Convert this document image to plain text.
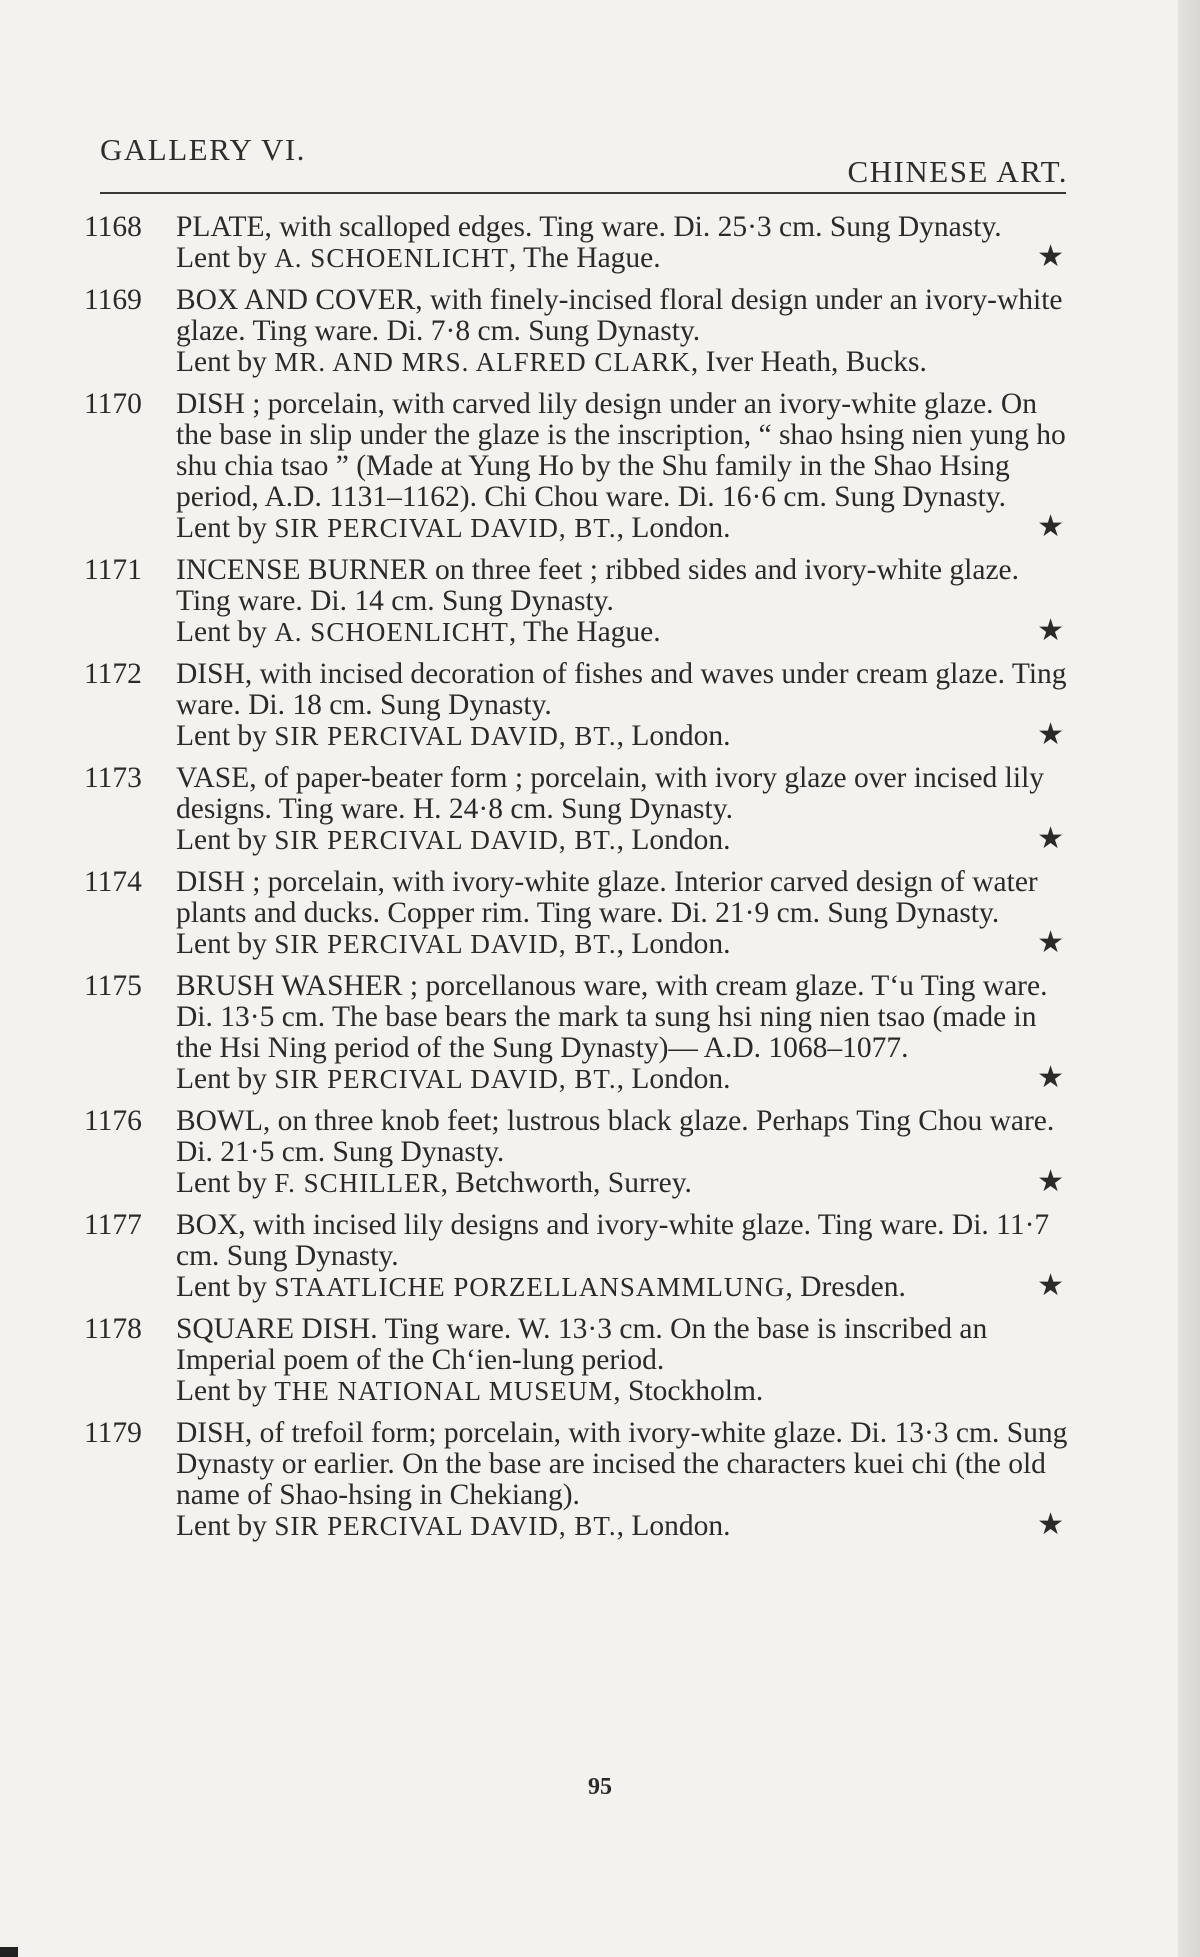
GALLERY VI.
CHINESE ART.
1168	PLATE, with scalloped edges. Ting ware. Di. 25·3 cm. Sung Dynasty.
Lent by A. SCHOENLICHT, The Hague.	★
1169	BOX AND COVER, with finely-incised floral design under an ivory-white glaze. Ting ware. Di. 7·8 cm. Sung Dynasty.
Lent by MR. AND MRS. ALFRED CLARK, Iver Heath, Bucks.
1170	DISH ; porcelain, with carved lily design under an ivory-white glaze. On the base in slip under the glaze is the inscription, “ shao hsing nien yung ho shu chia tsao ” (Made at Yung Ho by the Shu family in the Shao Hsing period, A.D. 1131–1162). Chi Chou ware. Di. 16·6 cm. Sung Dynasty.
Lent by SIR PERCIVAL DAVID, BT., London.	★
1171	INCENSE BURNER on three feet ; ribbed sides and ivory-white glaze. Ting ware. Di. 14 cm. Sung Dynasty.
Lent by A. SCHOENLICHT, The Hague.	★
1172	DISH, with incised decoration of fishes and waves under cream glaze. Ting ware. Di. 18 cm. Sung Dynasty.
Lent by SIR PERCIVAL DAVID, BT., London.	★
1173	VASE, of paper-beater form ; porcelain, with ivory glaze over incised lily designs. Ting ware. H. 24·8 cm. Sung Dynasty.
Lent by SIR PERCIVAL DAVID, BT., London.	★
1174	DISH ; porcelain, with ivory-white glaze. Interior carved design of water plants and ducks. Copper rim. Ting ware. Di. 21·9 cm. Sung Dynasty.
Lent by SIR PERCIVAL DAVID, BT., London.	★
1175	BRUSH WASHER ; porcellanous ware, with cream glaze. T‘u Ting ware. Di. 13·5 cm. The base bears the mark ta sung hsi ning nien tsao (made in the Hsi Ning period of the Sung Dynasty)— A.D. 1068–1077.
Lent by SIR PERCIVAL DAVID, BT., London.	★
1176	BOWL, on three knob feet; lustrous black glaze. Perhaps Ting Chou ware. Di. 21·5 cm. Sung Dynasty.
Lent by F. SCHILLER, Betchworth, Surrey.	★
1177	BOX, with incised lily designs and ivory-white glaze. Ting ware. Di. 11·7 cm. Sung Dynasty.
Lent by STAATLICHE PORZELLANSAMMLUNG, Dresden.	★
1178	SQUARE DISH. Ting ware. W. 13·3 cm. On the base is inscribed an Imperial poem of the Ch‘ien-lung period.
Lent by THE NATIONAL MUSEUM, Stockholm.
1179	DISH, of trefoil form; porcelain, with ivory-white glaze. Di. 13·3 cm. Sung Dynasty or earlier. On the base are incised the characters kuei chi (the old name of Shao-hsing in Chekiang).
Lent by SIR PERCIVAL DAVID, BT., London.	★
95
